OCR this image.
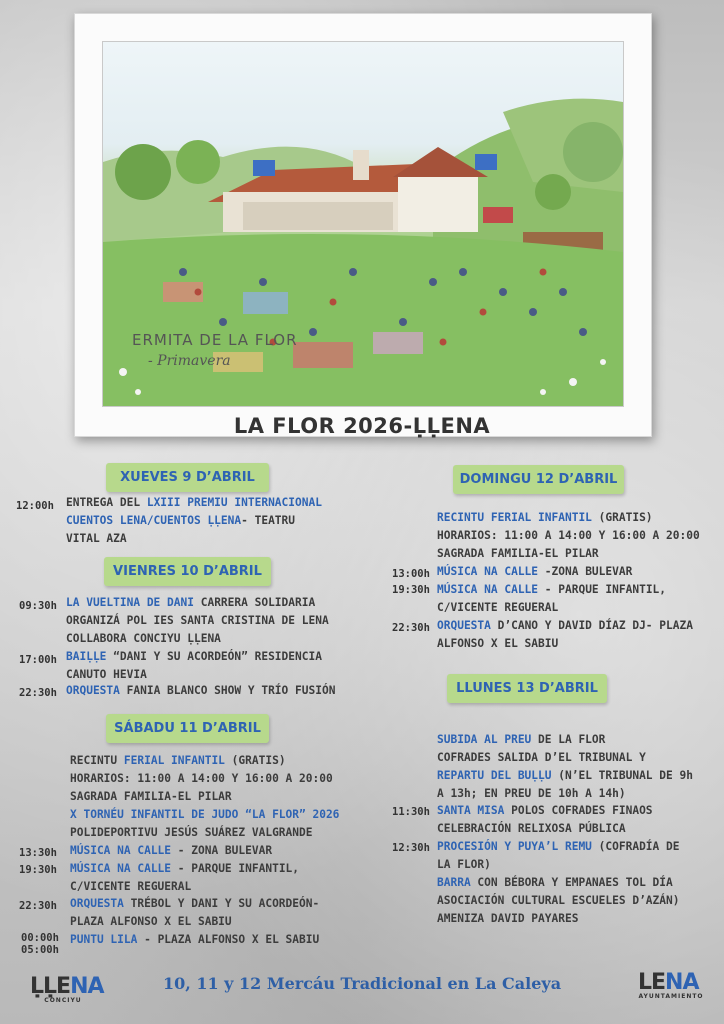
ERMITA DE LA FLOR
- Primavera
LA FLOR 2026-ḶḶENA
XUEVES 9 D’ABRIL
12:00h ENTREGA DEL LXIII PREMIU INTERNACIONAL
CUENTOS LENA/CUENTOS ḶḶENA- TEATRU
VITAL AZA
VIENRES 10 D’ABRIL
09:30h LA VUELTINA DE DANI CARRERA SOLIDARIA
ORGANIZÁ POL IES SANTA CRISTINA DE LENA
COLLABORA CONCIYU ḶḶENA
17:00h BAIḶḶE “DANI Y SU ACORDEÓN” RESIDENCIA
CANUTO HEVIA
22:30h ORQUESTA FANIA BLANCO SHOW Y TRÍO FUSIÓN
SÁBADU 11 D’ABRIL
RECINTU FERIAL INFANTIL (GRATIS)
HORARIOS: 11:00 A 14:00 Y 16:00 A 20:00
SAGRADA FAMILIA-EL PILAR
X TORNÉU INFANTIL DE JUDO “LA FLOR” 2026
POLIDEPORTIVU JESÚS SUÁREZ VALGRANDE
13:30h MÚSICA NA CALLE - ZONA BULEVAR
19:30h MÚSICA NA CALLE - PARQUE INFANTIL,
C/VICENTE REGUERAL
22:30h ORQUESTA TRÉBOL Y DANI Y SU ACORDEÓN-
PLAZA ALFONSO X EL SABIU
00:00h
05:00h
PUNTU LILA - PLAZA ALFONSO X EL SABIU
DOMINGU 12 D’ABRIL
RECINTU FERIAL INFANTIL (GRATIS)
HORARIOS: 11:00 A 14:00 Y 16:00 A 20:00
SAGRADA FAMILIA-EL PILAR
13:00h MÚSICA NA CALLE -ZONA BULEVAR
19:30h MÚSICA NA CALLE - PARQUE INFANTIL,
C/VICENTE REGUERAL
22:30h ORQUESTA D’CANO Y DAVID DÍAZ DJ- PLAZA
ALFONSO X EL SABIU
LLUNES 13 D’ABRIL
SUBIDA AL PREU DE LA FLOR
COFRADES SALIDA D’EL TRIBUNAL Y
REPARTU DEL BUḶḶU (N’EL TRIBUNAL DE 9h
A 13h; EN PREU DE 10h A 14h)
11:30h SANTA MISA POLOS COFRADES FINAOS
CELEBRACIÓN RELIXOSA PÚBLICA
12:30h PROCESIÓN Y PUYA’L REMU (COFRADÍA DE
LA FLOR)
BARRA CON BÉBORA Y EMPANAES TOL DÍA
ASOCIACIÓN CULTURAL ESCUELES D’AZÁN)
AMENIZA DAVID PAYARES
10, 11 y 12 Mercáu Tradicional en La Caleya
ḶḶENA
CONCIYU
LENA
AYUNTAMIENTO
